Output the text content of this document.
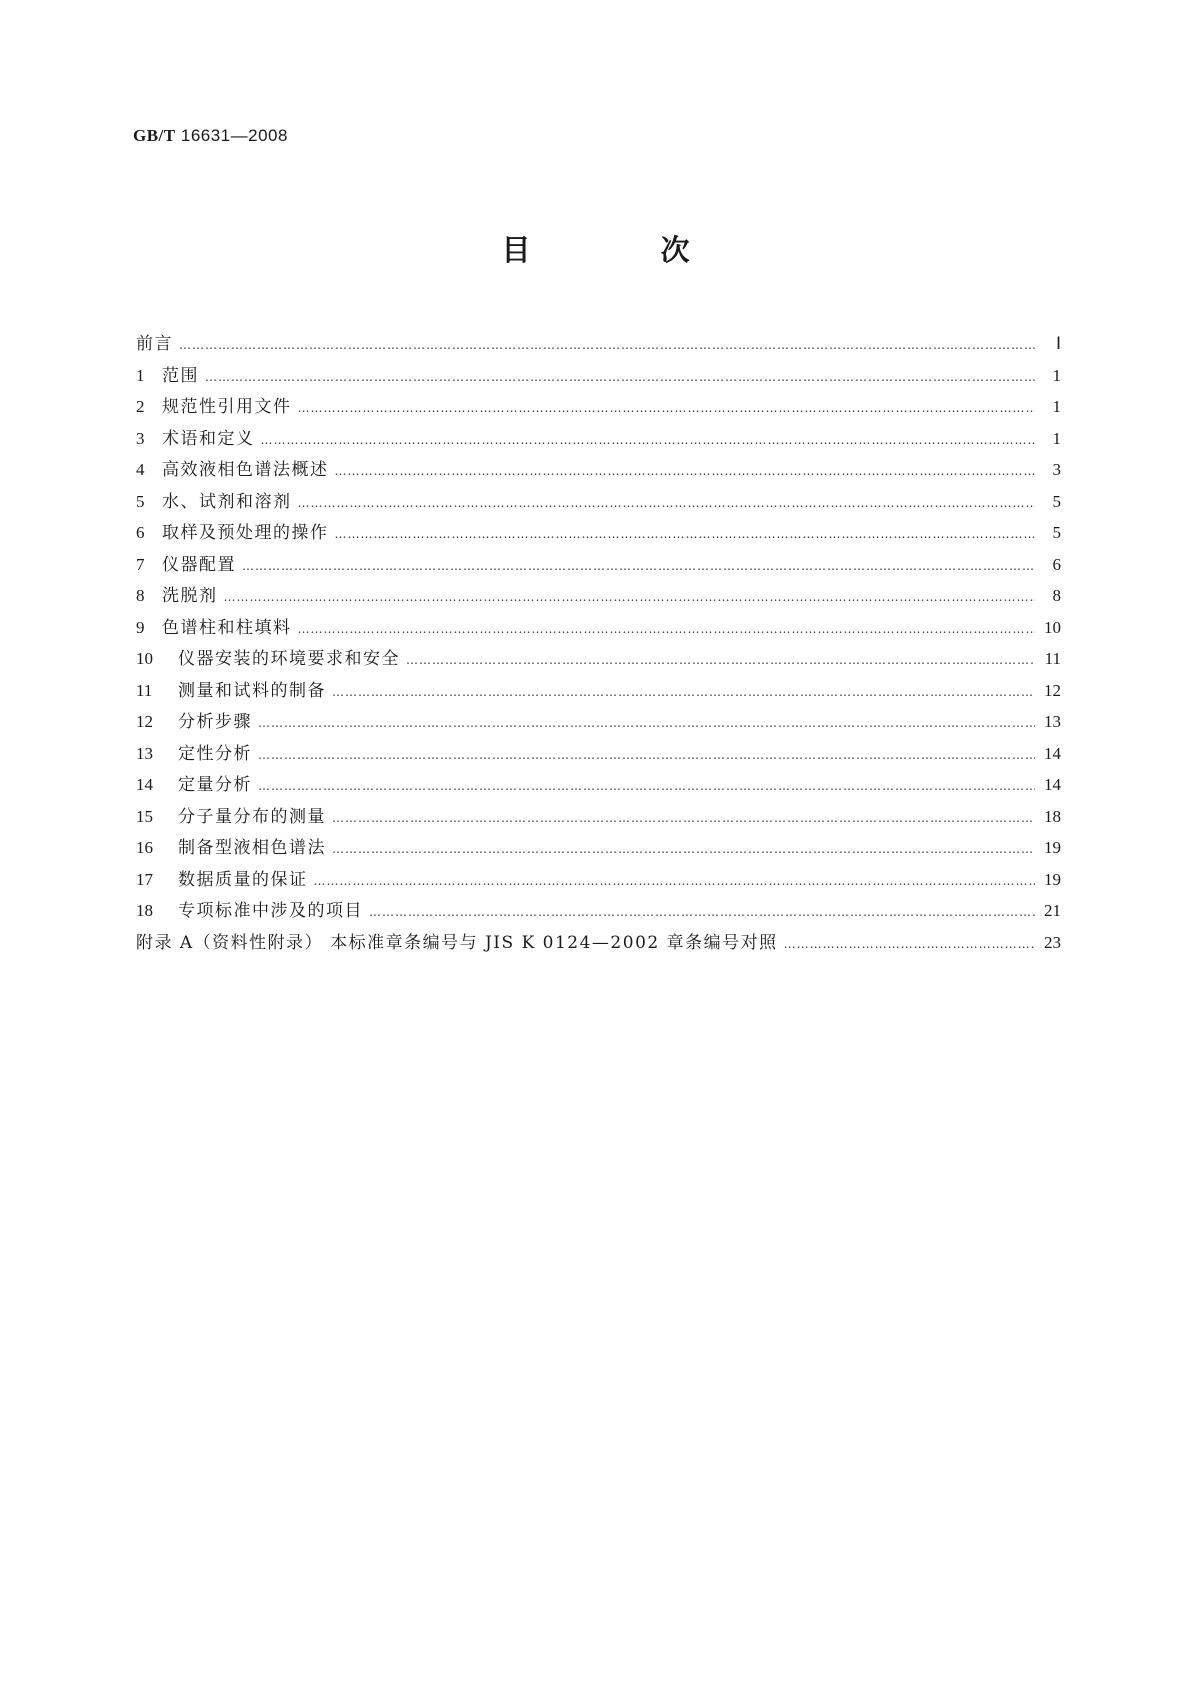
GB/T 16631—2008
目 次
前言 …………………………………………………………………………………………………………………………………………………………………………………………………………………………………………	Ⅰ
1	范围 …………………………………………………………………………………………………………………………………………………………………………………………………………………………………………	1
2	规范性引用文件 …………………………………………………………………………………………………………………………………………………………………………………………………………………………………………	1
3	术语和定义 …………………………………………………………………………………………………………………………………………………………………………………………………………………………………………	1
4	高效液相色谱法概述 …………………………………………………………………………………………………………………………………………………………………………………………………………………………………………	3
5	水、试剂和溶剂 …………………………………………………………………………………………………………………………………………………………………………………………………………………………………………	5
6	取样及预处理的操作 …………………………………………………………………………………………………………………………………………………………………………………………………………………………………………	5
7	仪器配置 …………………………………………………………………………………………………………………………………………………………………………………………………………………………………………	6
8	洗脱剂 …………………………………………………………………………………………………………………………………………………………………………………………………………………………………………	8
9	色谱柱和柱填料 …………………………………………………………………………………………………………………………………………………………………………………………………………………………………………	10
10	仪器安装的环境要求和安全 …………………………………………………………………………………………………………………………………………………………………………………………………………………………………………	11
11	测量和试料的制备 …………………………………………………………………………………………………………………………………………………………………………………………………………………………………………	12
12	分析步骤 …………………………………………………………………………………………………………………………………………………………………………………………………………………………………………	13
13	定性分析 …………………………………………………………………………………………………………………………………………………………………………………………………………………………………………	14
14	定量分析 …………………………………………………………………………………………………………………………………………………………………………………………………………………………………………	14
15	分子量分布的测量 …………………………………………………………………………………………………………………………………………………………………………………………………………………………………………	18
16	制备型液相色谱法 …………………………………………………………………………………………………………………………………………………………………………………………………………………………………………	19
17	数据质量的保证 …………………………………………………………………………………………………………………………………………………………………………………………………………………………………………	19
18	专项标准中涉及的项目 …………………………………………………………………………………………………………………………………………………………………………………………………………………………………………	21
附录 A（资料性附录） 本标准章条编号与 JIS K 0124—2002 章条编号对照 …………………………………………………………………………………………………………………………………………………………………………………………………………………………………………	23
